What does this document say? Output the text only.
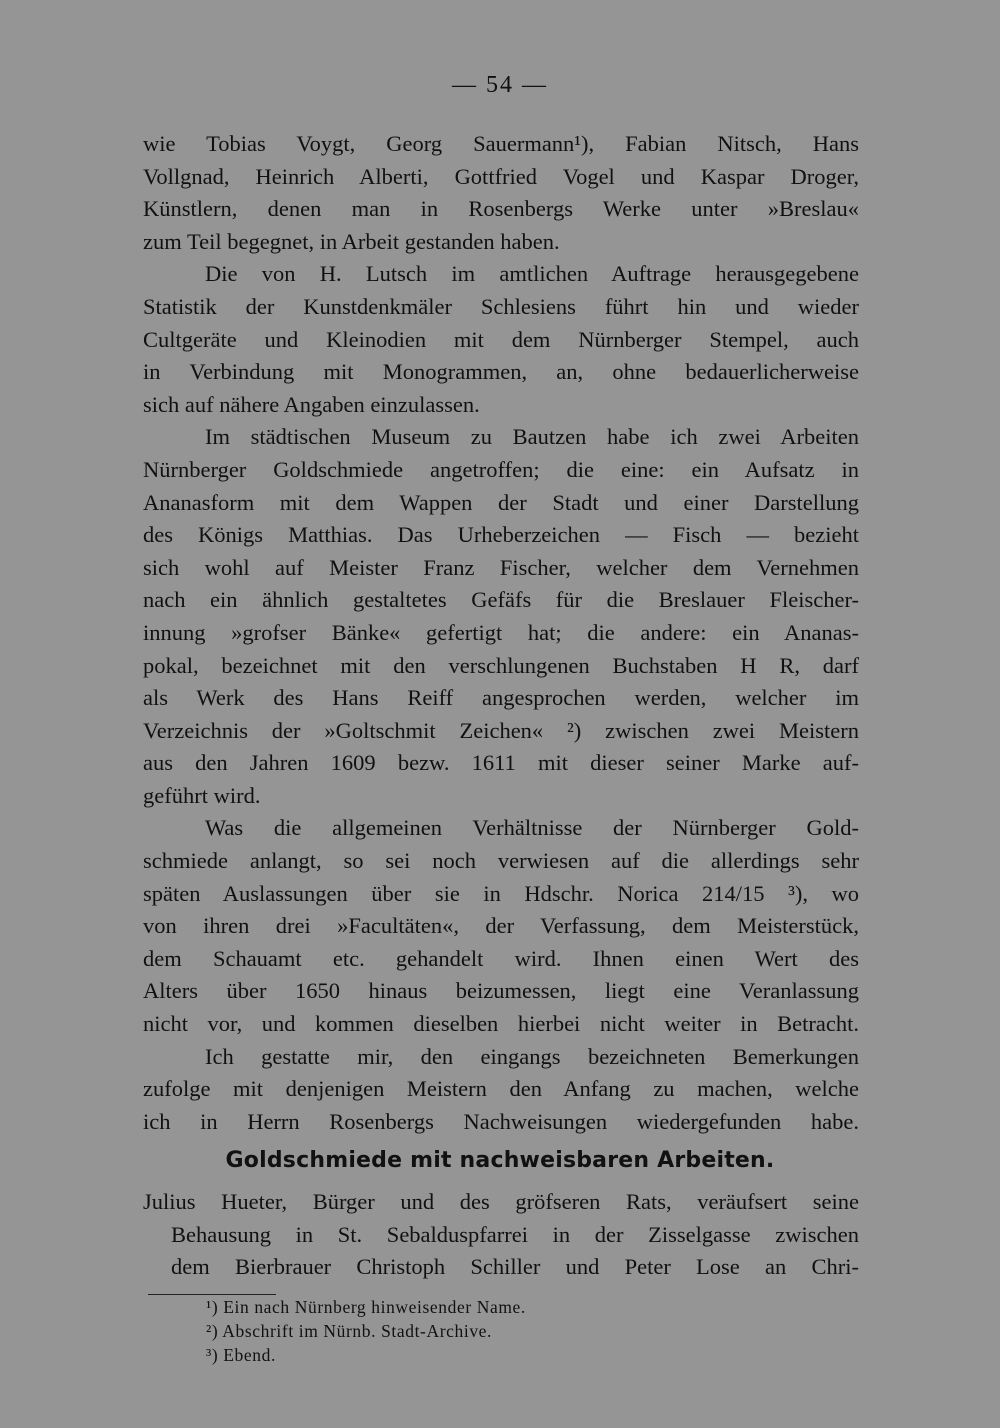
— 54 —
wie Tobias Voygt, Georg Sauermann¹), Fabian Nitsch, Hans
Vollgnad, Heinrich Alberti, Gottfried Vogel und Kaspar Droger,
Künstlern, denen man in Rosenbergs Werke unter »Breslau«
zum Teil begegnet, in Arbeit gestanden haben.
Die von H. Lutsch im amtlichen Auftrage herausgegebene
Statistik der Kunstdenkmäler Schlesiens führt hin und wieder
Cultgeräte und Kleinodien mit dem Nürnberger Stempel, auch
in Verbindung mit Monogrammen, an, ohne bedauerlicherweise
sich auf nähere Angaben einzulassen.
Im städtischen Museum zu Bautzen habe ich zwei Arbeiten
Nürnberger Goldschmiede angetroffen; die eine: ein Aufsatz in
Ananasform mit dem Wappen der Stadt und einer Darstellung
des Königs Matthias. Das Urheberzeichen — Fisch — bezieht
sich wohl auf Meister Franz Fischer, welcher dem Vernehmen
nach ein ähnlich gestaltetes Gefäfs für die Breslauer Fleischer-
innung »grofser Bänke« gefertigt hat; die andere: ein Ananas-
pokal, bezeichnet mit den verschlungenen Buchstaben H R, darf
als Werk des Hans Reiff angesprochen werden, welcher im
Verzeichnis der »Goltschmit Zeichen« ²) zwischen zwei Meistern
aus den Jahren 1609 bezw. 1611 mit dieser seiner Marke auf-
geführt wird.
Was die allgemeinen Verhältnisse der Nürnberger Gold-
schmiede anlangt, so sei noch verwiesen auf die allerdings sehr
späten Auslassungen über sie in Hdschr. Norica 214/15 ³), wo
von ihren drei »Facultäten«, der Verfassung, dem Meisterstück,
dem Schauamt etc. gehandelt wird. Ihnen einen Wert des
Alters über 1650 hinaus beizumessen, liegt eine Veranlassung
nicht vor, und kommen dieselben hierbei nicht weiter in Betracht.
Ich gestatte mir, den eingangs bezeichneten Bemerkungen
zufolge mit denjenigen Meistern den Anfang zu machen, welche
ich in Herrn Rosenbergs Nachweisungen wiedergefunden habe.
Goldschmiede mit nachweisbaren Arbeiten.
Julius Hueter, Bürger und des gröfseren Rats, veräufsert seine
Behausung in St. Sebalduspfarrei in der Zisselgasse zwischen
dem Bierbrauer Christoph Schiller und Peter Lose an Chri-
¹) Ein nach Nürnberg hinweisender Name.
²) Abschrift im Nürnb. Stadt-Archive.
³) Ebend.
